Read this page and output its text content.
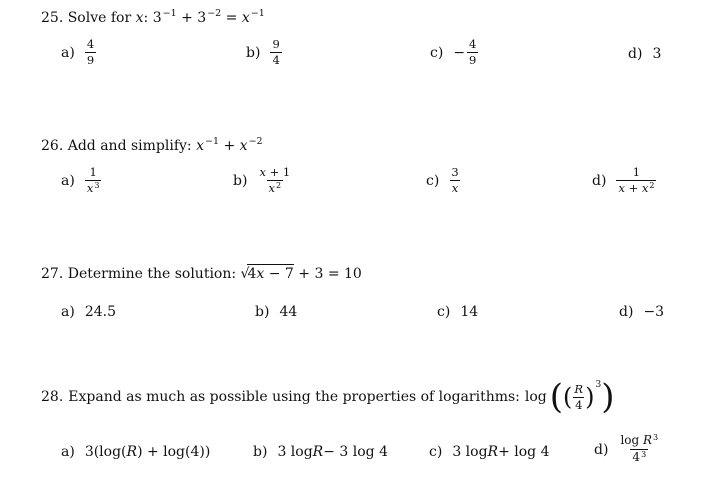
25. Solve for x: $3^{-1} + 3^{-2} = x^{-1}$
$a) \frac{4}{9}$	$b) \frac{9}{4}$	$c) - \frac{4}{9}$	d) 3
26. Add and simplify: $x^{-1} + x^{-2}$
$a) \frac{1}{x^3}$	$b) \frac{x + 1}{x^2}$	$c) \frac{3}{x}$	$d) \frac{1}{x + x^2}$
27. Determine the solution: √4x − 7 + 3 = 10
a) 24.5	b) 44	c) 14	d) −3
28. Expand as much as possible using the properties of logarithms: log ( ( $\frac{R}{4} )^3$ )
a) 3(log( R ) + log(4))	b) 3 log R − 3 log 4	c) 3 log R + log 4	$d) \frac{\log R^3}{4^3}$
